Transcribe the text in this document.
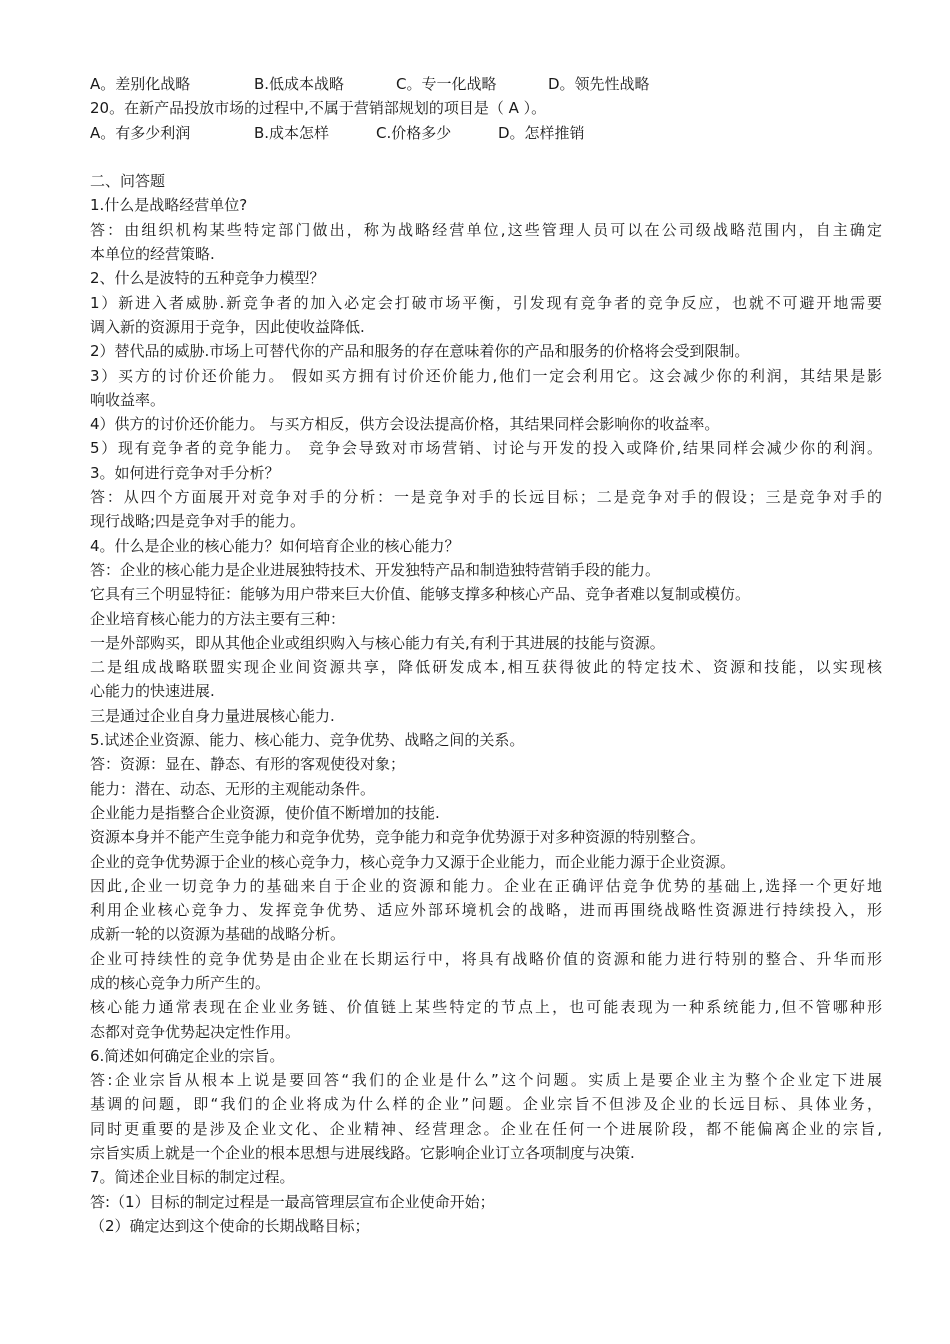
A。差别化战略	B.低成本战略	C。专一化战略	D。领先性战略
20。在新产品投放市场的过程中,不属于营销部规划的项目是（ A ）。
A。有多少利润	B.成本怎样	C.价格多少	D。怎样推销
二、问答题
1.什么是战略经营单位?
答：由组织机构某些特定部门做出，称为战略经营单位,这些管理人员可以在公司级战略范围内，自主确定
本单位的经营策略.
2、什么是波特的五种竞争力模型？
1）新进入者威胁.新竞争者的加入必定会打破市场平衡，引发现有竞争者的竞争反应，也就不可避开地需要
调入新的资源用于竞争，因此使收益降低.
2）替代品的威胁.市场上可替代你的产品和服务的存在意味着你的产品和服务的价格将会受到限制。
3）买方的讨价还价能力。 假如买方拥有讨价还价能力,他们一定会利用它。这会减少你的利润，其结果是影
响收益率。
4）供方的讨价还价能力。 与买方相反，供方会设法提高价格，其结果同样会影响你的收益率。
5）现有竞争者的竞争能力。 竞争会导致对市场营销、讨论与开发的投入或降价,结果同样会减少你的利润。
3。如何进行竞争对手分析？
答：从四个方面展开对竞争对手的分析：一是竞争对手的长远目标；二是竞争对手的假设；三是竞争对手的
现行战略;四是竞争对手的能力。
4。什么是企业的核心能力？如何培育企业的核心能力？
答：企业的核心能力是企业进展独特技术、开发独特产品和制造独特营销手段的能力。
它具有三个明显特征：能够为用户带来巨大价值、能够支撑多种核心产品、竞争者难以复制或模仿。
企业培育核心能力的方法主要有三种：
一是外部购买，即从其他企业或组织购入与核心能力有关,有利于其进展的技能与资源。
二是组成战略联盟实现企业间资源共享，降低研发成本,相互获得彼此的特定技术、资源和技能，以实现核
心能力的快速进展.
三是通过企业自身力量进展核心能力.
5.试述企业资源、能力、核心能力、竞争优势、战略之间的关系。
答：资源：显在、静态、有形的客观使役对象；
能力：潜在、动态、无形的主观能动条件。
企业能力是指整合企业资源，使价值不断增加的技能.
资源本身并不能产生竞争能力和竞争优势，竞争能力和竞争优势源于对多种资源的特别整合。
企业的竞争优势源于企业的核心竞争力，核心竞争力又源于企业能力，而企业能力源于企业资源。
因此,企业一切竞争力的基础来自于企业的资源和能力。企业在正确评估竞争优势的基础上,选择一个更好地
利用企业核心竞争力、发挥竞争优势、适应外部环境机会的战略，进而再围绕战略性资源进行持续投入，形
成新一轮的以资源为基础的战略分析。
企业可持续性的竞争优势是由企业在长期运行中，将具有战略价值的资源和能力进行特别的整合、升华而形
成的核心竞争力所产生的。
核心能力通常表现在企业业务链、价值链上某些特定的节点上，也可能表现为一种系统能力,但不管哪种形
态都对竞争优势起决定性作用。
6.简述如何确定企业的宗旨。
答:企业宗旨从根本上说是要回答“我们的企业是什么”这个问题。实质上是要企业主为整个企业定下进展
基调的问题，即“我们的企业将成为什么样的企业”问题。企业宗旨不但涉及企业的长远目标、具体业务，
同时更重要的是涉及企业文化、企业精神、经营理念。企业在任何一个进展阶段，都不能偏离企业的宗旨,
宗旨实质上就是一个企业的根本思想与进展线路。它影响企业订立各项制度与决策.
7。简述企业目标的制定过程。
答:（1）目标的制定过程是一最高管理层宣布企业使命开始；
（2）确定达到这个使命的长期战略目标；
